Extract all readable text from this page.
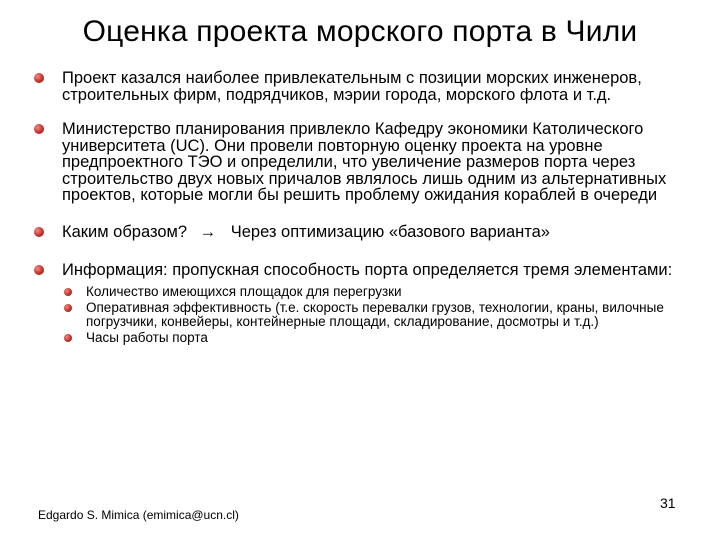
Оценка проекта морского порта в Чили
Проект казался наиболее привлекательным с позиции морских инженеров, строительных фирм, подрядчиков, мэрии города, морского флота и т.д.
Министерство планирования привлекло Кафедру экономики Католического университета (UC). Они провели повторную оценку проекта на уровне предпроектного ТЭО и определили, что увеличение размеров порта через строительство двух новых причалов являлось лишь одним из альтернативных проектов, которые могли бы решить проблему ожидания кораблей в очереди
Каким образом? → Через оптимизацию «базового варианта»
Информация: пропускная способность порта определяется тремя элементами:
Количество имеющихся площадок для перегрузки
Оперативная эффективность (т.е. скорость перевалки грузов, технологии, краны, вилочные погрузчики, конвейеры, контейнерные площади, складирование, досмотры и т.д.)
Часы работы порта
Edgardo S. Mimica (emimica@ucn.cl)
31
